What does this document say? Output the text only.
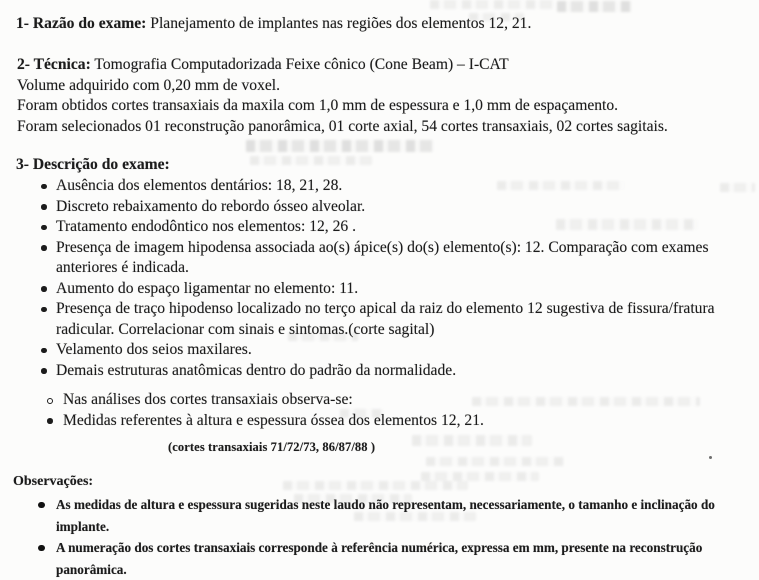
1- Razão do exame: Planejamento de implantes nas regiões dos elementos 12, 21.
2- Técnica: Tomografia Computadorizada Feixe cônico (Cone Beam) – I-CAT
Volume adquirido com 0,20 mm de voxel.
Foram obtidos cortes transaxiais da maxila com 1,0 mm de espessura e 1,0 mm de espaçamento.
Foram selecionados 01 reconstrução panorâmica, 01 corte axial, 54 cortes transaxiais, 02 cortes sagitais.
3- Descrição do exame:
Ausência dos elementos dentários: 18, 21, 28.
Discreto rebaixamento do rebordo ósseo alveolar.
Tratamento endodôntico nos elementos: 12, 26 .
Presença de imagem hipodensa associada ao(s) ápice(s) do(s) elemento(s): 12. Comparação com exames anteriores é indicada.
Aumento do espaço ligamentar no elemento: 11.
Presença de traço hipodenso localizado no terço apical da raiz do elemento 12 sugestiva de fissura/fratura radicular. Correlacionar com sinais e sintomas.(corte sagital)
Velamento dos seios maxilares.
Demais estruturas anatômicas dentro do padrão da normalidade.
Nas análises dos cortes transaxiais observa-se:
Medidas referentes à altura e espessura óssea dos elementos 12, 21.
(cortes transaxiais 71/72/73, 86/87/88 )
Observações:
As medidas de altura e espessura sugeridas neste laudo não representam, necessariamente, o tamanho e inclinação do implante.
A numeração dos cortes transaxiais corresponde à referência numérica, expressa em mm, presente na reconstrução panorâmica.
